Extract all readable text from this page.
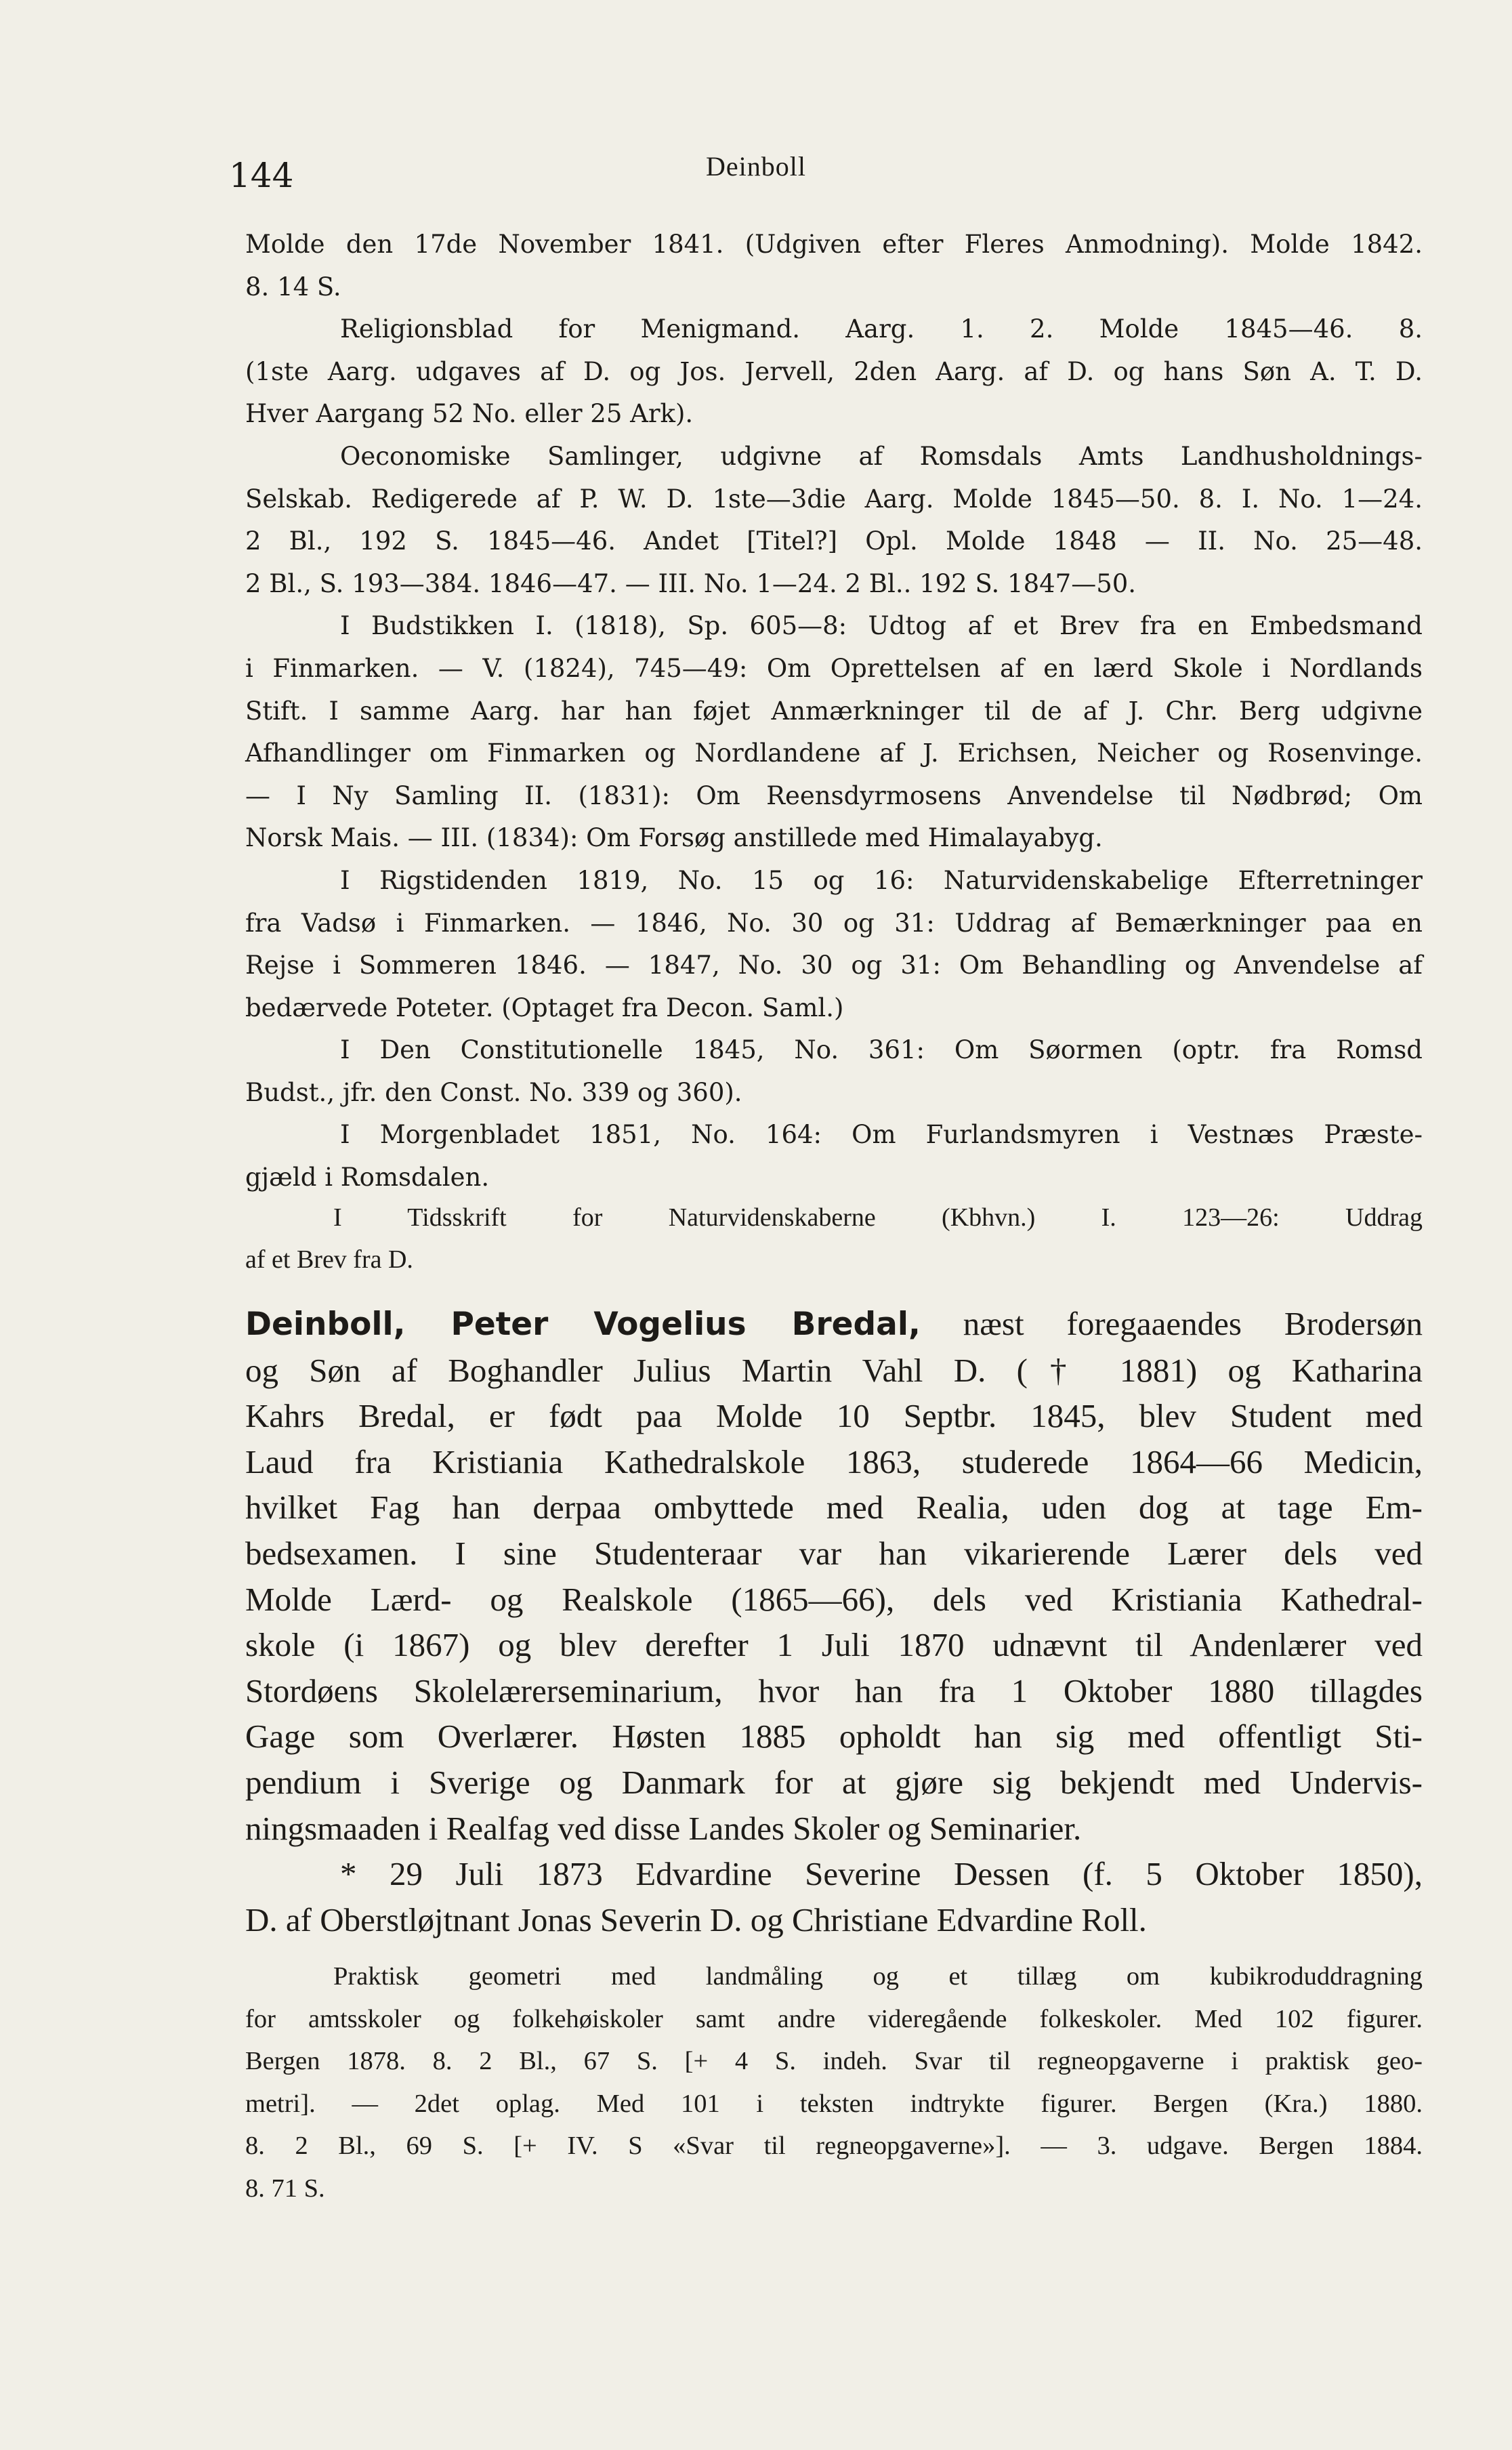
144	Deinboll
Molde den 17de November 1841. (Udgiven efter Fleres Anmodning). Molde 1842.
8. 14 S.
Religionsblad for Menigmand. Aarg. 1. 2. Molde 1845—46. 8.
(1ste Aarg. udgaves af D. og Jos. Jervell, 2den Aarg. af D. og hans Søn A. T. D.
Hver Aargang 52 No. eller 25 Ark).
Oeconomiske Samlinger, udgivne af Romsdals Amts Landhusholdnings-
Selskab. Redigerede af P. W. D. 1ste—3die Aarg. Molde 1845—50. 8. I. No. 1—24.
2 Bl., 192 S. 1845—46. Andet [Titel?] Opl. Molde 1848 — II. No. 25—48.
2 Bl., S. 193—384. 1846—47. — III. No. 1—24. 2 Bl.. 192 S. 1847—50.
I Budstikken I. (1818), Sp. 605—8: Udtog af et Brev fra en Embedsmand
i Finmarken. — V. (1824), 745—49: Om Oprettelsen af en lærd Skole i Nordlands
Stift. I samme Aarg. har han føjet Anmærkninger til de af J. Chr. Berg udgivne
Afhandlinger om Finmarken og Nordlandene af J. Erichsen, Neicher og Rosenvinge.
— I Ny Samling II. (1831): Om Reensdyrmosens Anvendelse til Nødbrød; Om
Norsk Mais. — III. (1834): Om Forsøg anstillede med Himalayabyg.
I Rigstidenden 1819, No. 15 og 16: Naturvidenskabelige Efterretninger
fra Vadsø i Finmarken. — 1846, No. 30 og 31: Uddrag af Bemærkninger paa en
Rejse i Sommeren 1846. — 1847, No. 30 og 31: Om Behandling og Anvendelse af
bedærvede Poteter. (Optaget fra Decon. Saml.)
I Den Constitutionelle 1845, No. 361: Om Søormen (optr. fra Romsd
Budst., jfr. den Const. No. 339 og 360).
I Morgenbladet 1851, No. 164: Om Furlandsmyren i Vestnæs Præste-
gjæld i Romsdalen.
I Tidsskrift for Naturvidenskaberne (Kbhvn.) I. 123—26: Uddrag
af et Brev fra D.
Deinboll, Peter Vogelius Bredal, næst foregaaendes Brodersøn
og Søn af Boghandler Julius Martin Vahl D. († 1881) og Katharina
Kahrs Bredal, er født paa Molde 10 Septbr. 1845, blev Student med
Laud fra Kristiania Kathedralskole 1863, studerede 1864—66 Medicin,
hvilket Fag han derpaa ombyttede med Realia, uden dog at tage Em-
bedsexamen. I sine Studenteraar var han vikarierende Lærer dels ved
Molde Lærd- og Realskole (1865—66), dels ved Kristiania Kathedral-
skole (i 1867) og blev derefter 1 Juli 1870 udnævnt til Andenlærer ved
Stordøens Skolelærerseminarium, hvor han fra 1 Oktober 1880 tillagdes
Gage som Overlærer. Høsten 1885 opholdt han sig med offentligt Sti-
pendium i Sverige og Danmark for at gjøre sig bekjendt med Undervis-
ningsmaaden i Realfag ved disse Landes Skoler og Seminarier.
* 29 Juli 1873 Edvardine Severine Dessen (f. 5 Oktober 1850),
D. af Oberstløjtnant Jonas Severin D. og Christiane Edvardine Roll.
Praktisk geometri med landmåling og et tillæg om kubikroduddragning
for amtsskoler og folkehøiskoler samt andre videregående folkeskoler. Med 102 figurer.
Bergen 1878. 8. 2 Bl., 67 S. [+ 4 S. indeh. Svar til regneopgaverne i praktisk geo-
metri]. — 2det oplag. Med 101 i teksten indtrykte figurer. Bergen (Kra.) 1880.
8. 2 Bl., 69 S. [+ IV. S «Svar til regneopgaverne»]. — 3. udgave. Bergen 1884.
8. 71 S.
